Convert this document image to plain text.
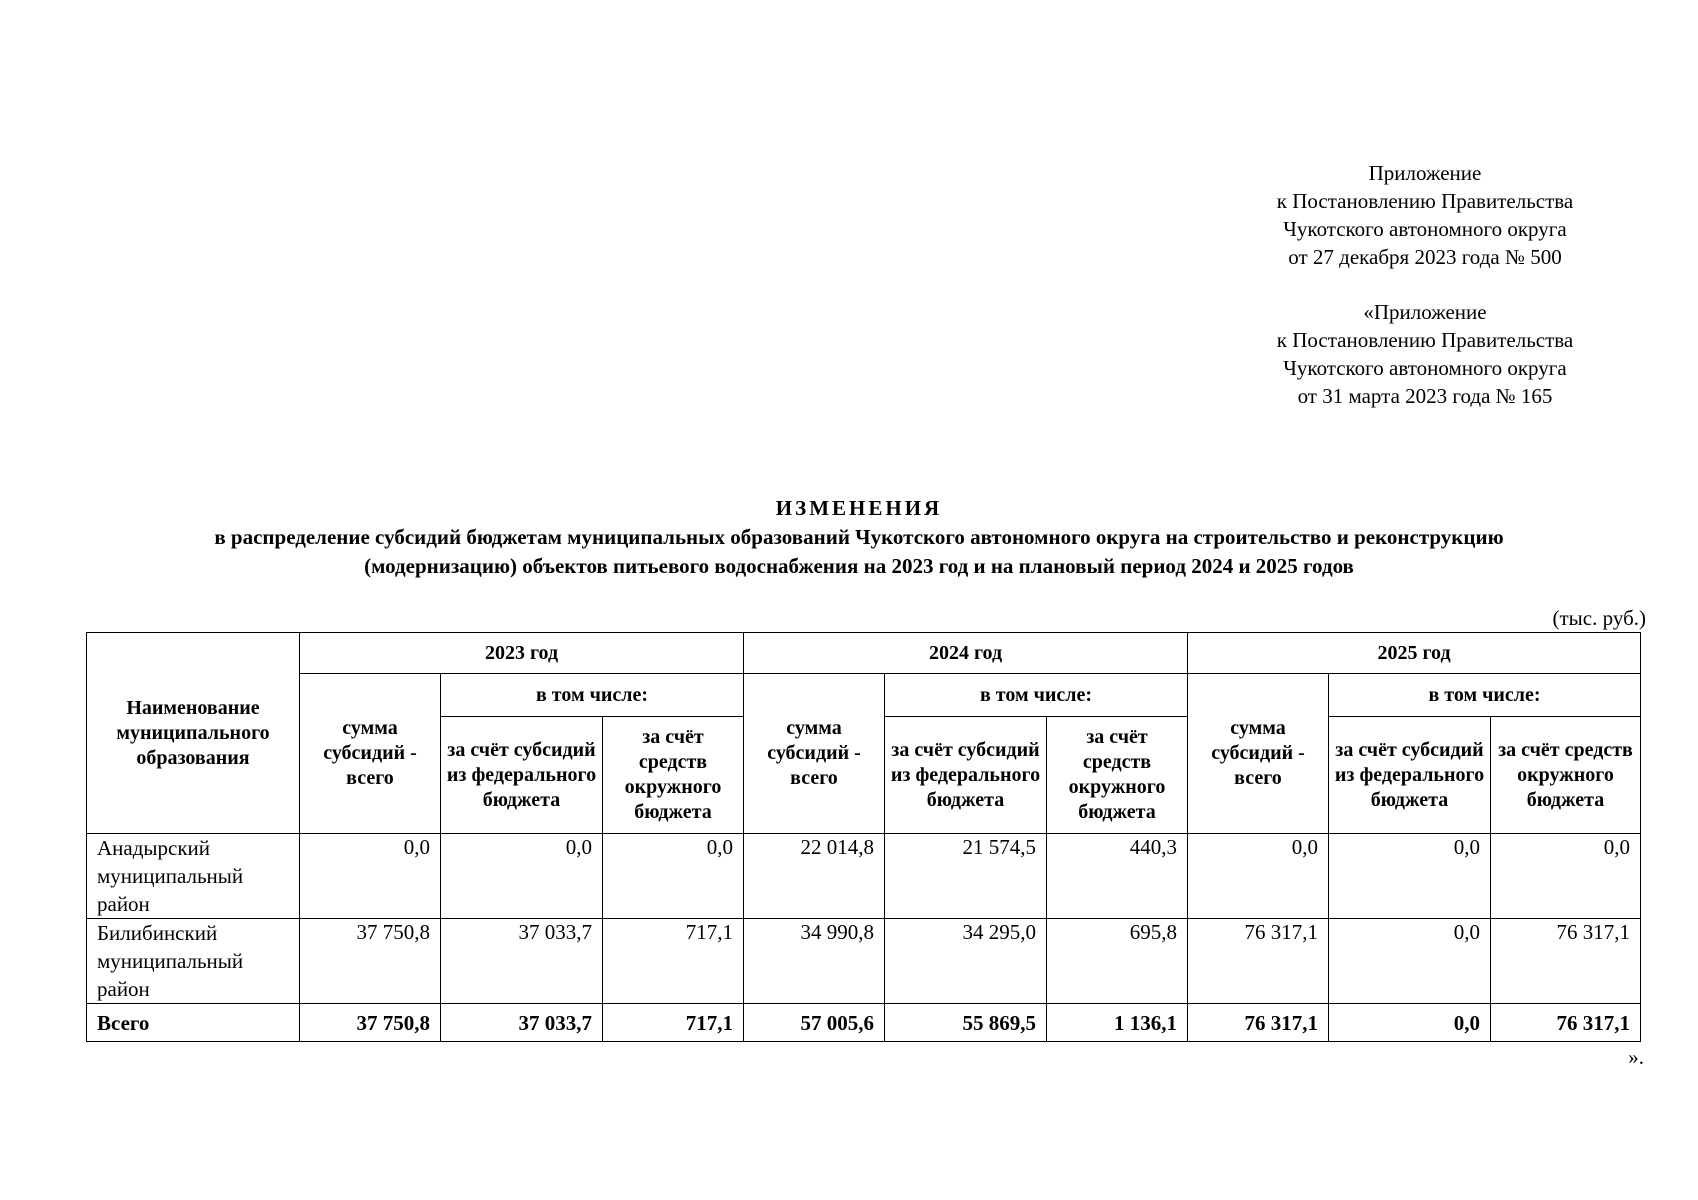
Приложение
к Постановлению Правительства
Чукотского автономного округа
от 27 декабря 2023 года № 500
«Приложение
к Постановлению Правительства
Чукотского автономного округа
от 31 марта 2023 года № 165
ИЗМЕНЕНИЯ
в распределение субсидий бюджетам муниципальных образований Чукотского автономного округа на строительство и реконструкцию
(модернизацию) объектов питьевого водоснабжения на 2023 год и на плановый период 2024 и 2025 годов
(тыс. руб.)
Наименование муниципального образования	2023 год			2024 год			2025 год		
	сумма субсидий - всего	в том числе:		сумма субсидий - всего	в том числе:		сумма субсидий - всего	в том числе:	
		за счёт субсидий из федерального бюджета	за счёт средств окружного бюджета		за счёт субсидий из федерального бюджета	за счёт средств окружного бюджета		за счёт субсидий из федерального бюджета	за счёт средств окружного бюджета
Анадырский муниципальный район	0,0	0,0	0,0	22 014,8	21 574,5	440,3	0,0	0,0	0,0
Билибинский муниципальный район	37 750,8	37 033,7	717,1	34 990,8	34 295,0	695,8	76 317,1	0,0	76 317,1
Всего	37 750,8	37 033,7	717,1	57 005,6	55 869,5	1 136,1	76 317,1	0,0	76 317,1
».
